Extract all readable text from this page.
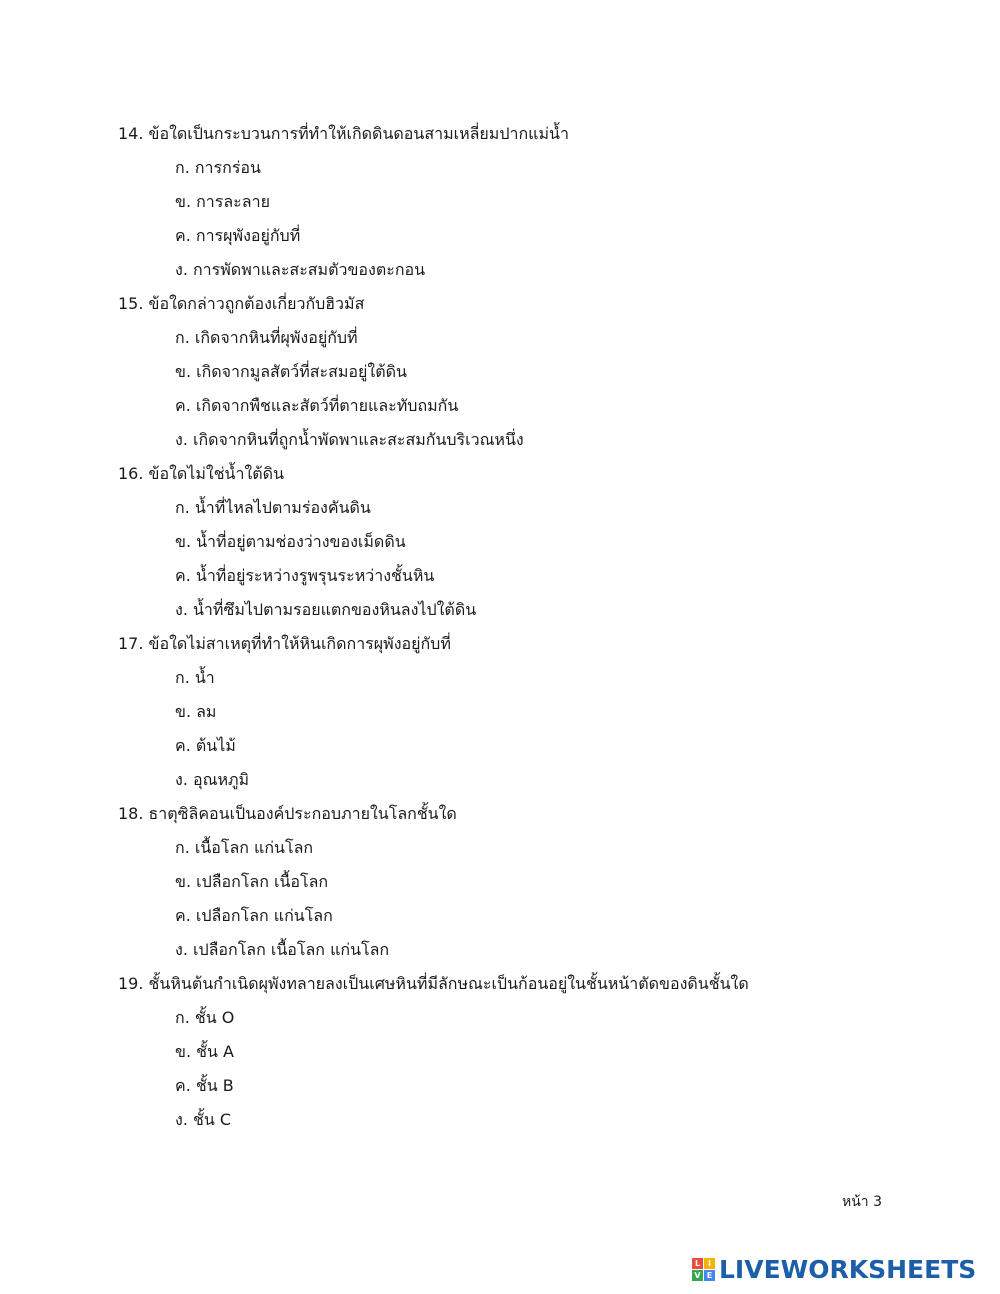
14. ข้อใดเป็นกระบวนการที่ทำให้เกิดดินดอนสามเหลี่ยมปากแม่น้ำ
ก. การกร่อน
ข. การละลาย
ค. การผุพังอยู่กับที่
ง. การพัดพาและสะสมตัวของตะกอน
15. ข้อใดกล่าวถูกต้องเกี่ยวกับฮิวมัส
ก. เกิดจากหินที่ผุพังอยู่กับที่
ข. เกิดจากมูลสัตว์ที่สะสมอยู่ใต้ดิน
ค. เกิดจากพืชและสัตว์ที่ตายและทับถมกัน
ง. เกิดจากหินที่ถูกน้ำพัดพาและสะสมกันบริเวณหนึ่ง
16. ข้อใดไม่ใช่น้ำใต้ดิน
ก. น้ำที่ไหลไปตามร่องคันดิน
ข. น้ำที่อยู่ตามช่องว่างของเม็ดดิน
ค. น้ำที่อยู่ระหว่างรูพรุนระหว่างชั้นหิน
ง. น้ำที่ซึมไปตามรอยแตกของหินลงไปใต้ดิน
17. ข้อใดไม่สาเหตุที่ทำให้หินเกิดการผุพังอยู่กับที่
ก. น้ำ
ข. ลม
ค. ต้นไม้
ง. อุณหภูมิ
18. ธาตุซิลิคอนเป็นองค์ประกอบภายในโลกชั้นใด
ก. เนื้อโลก แก่นโลก
ข. เปลือกโลก เนื้อโลก
ค. เปลือกโลก แก่นโลก
ง. เปลือกโลก เนื้อโลก แก่นโลก
19. ชั้นหินต้นกำเนิดผุพังทลายลงเป็นเศษหินที่มีลักษณะเป็นก้อนอยู่ในชั้นหน้าตัดของดินชั้นใด
ก. ชั้น O
ข. ชั้น A
ค. ชั้น B
ง. ชั้น C
หน้า 3
L I
V E LIVEWORKSHEETS
